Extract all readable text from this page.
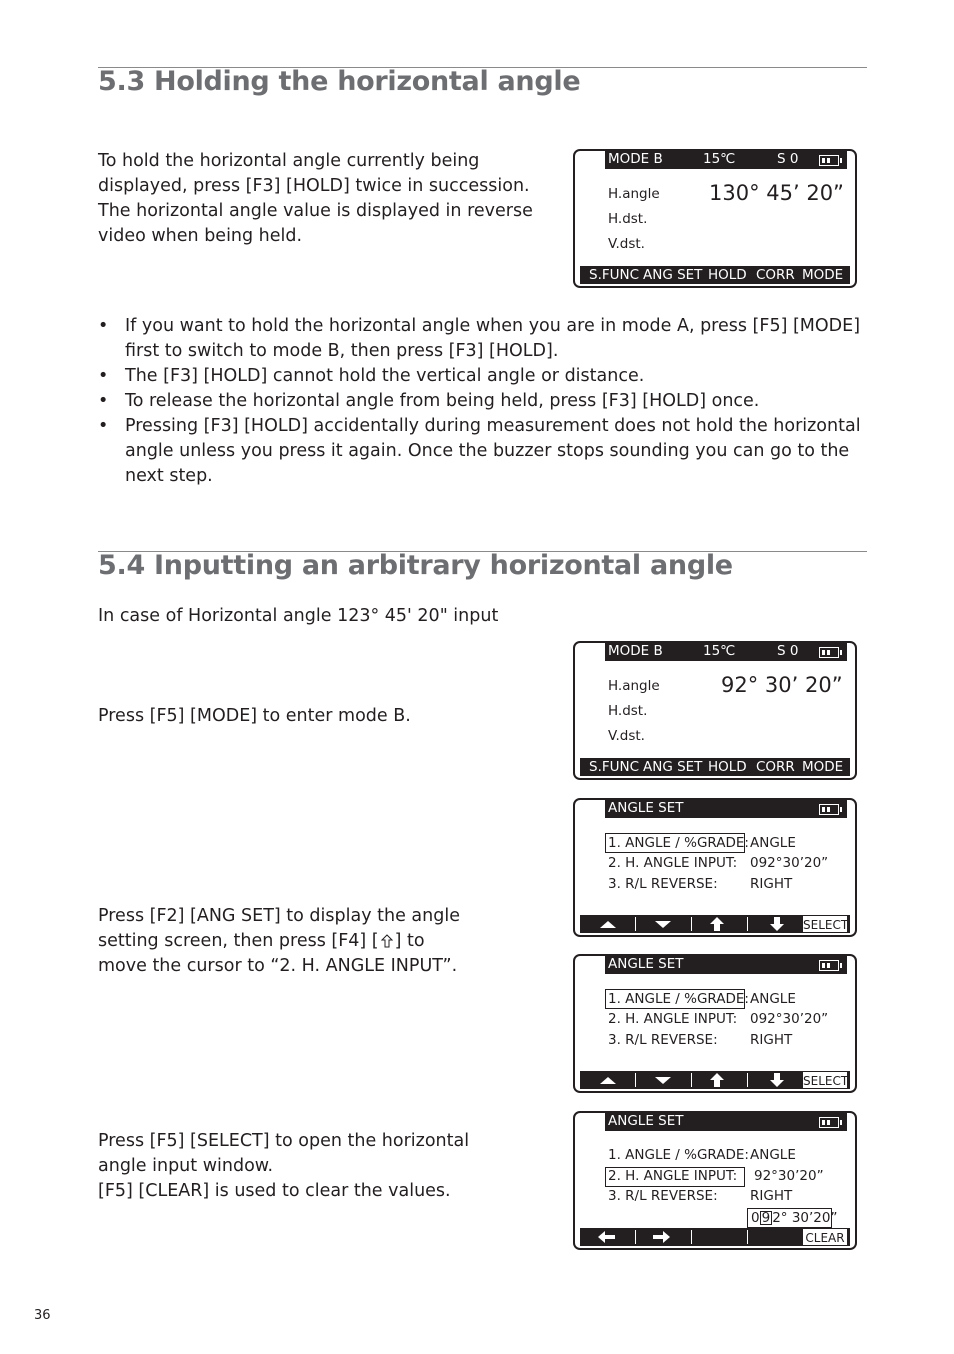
5.3 Holding the horizontal angle
To hold the horizontal angle currently being
displayed, press [F3] [HOLD] twice in succession.
The horizontal angle value is displayed in reverse
video when being held.
MODE B	15℃	S 0
H.angle 130° 45’ 20”
H.dst.
V.dst.
S.FUNC ANG SET HOLD CORR MODE
• If you want to hold the horizontal angle when you are in mode A, press [F5] [MODE]
first to switch to mode B, then press [F3] [HOLD].
• The [F3] [HOLD] cannot hold the vertical angle or distance.
• To release the horizontal angle from being held, press [F3] [HOLD] once.
• Pressing [F3] [HOLD] accidentally during measurement does not hold the horizontal
angle unless you press it again. Once the buzzer stops sounding you can go to the
next step.
5.4 Inputting an arbitrary horizontal angle
In case of Horizontal angle 123° 45' 20" input
Press [F5] [MODE] to enter mode B.
MODE B	15℃	S 0
H.angle	92° 30’ 20”
H.dst.
V.dst.
S.FUNC ANG SET HOLD CORR MODE
ANGLE SET
1. ANGLE / %GRADE: ANGLE
2. H. ANGLE INPUT: 092°30’20”
3. R/L REVERSE: RIGHT
SELECT
Press [F2] [ANG SET] to display the angle
setting screen, then press [F4] [ ] to
move the cursor to “2. H. ANGLE INPUT”.	ANGLE SET
1. ANGLE / %GRADE: ANGLE
2. H. ANGLE INPUT: 092°30’20”
3. R/L REVERSE: RIGHT
SELECT
Press [F5] [SELECT] to open the horizontal
angle input window.
[F5] [CLEAR] is used to clear the values.
ANGLE SET
1. ANGLE / %GRADE: ANGLE
2. H. ANGLE INPUT: 92°30’20”
3. R/L REVERSE: RIGHT
0 9 2° 30’20”
CLEAR
36
